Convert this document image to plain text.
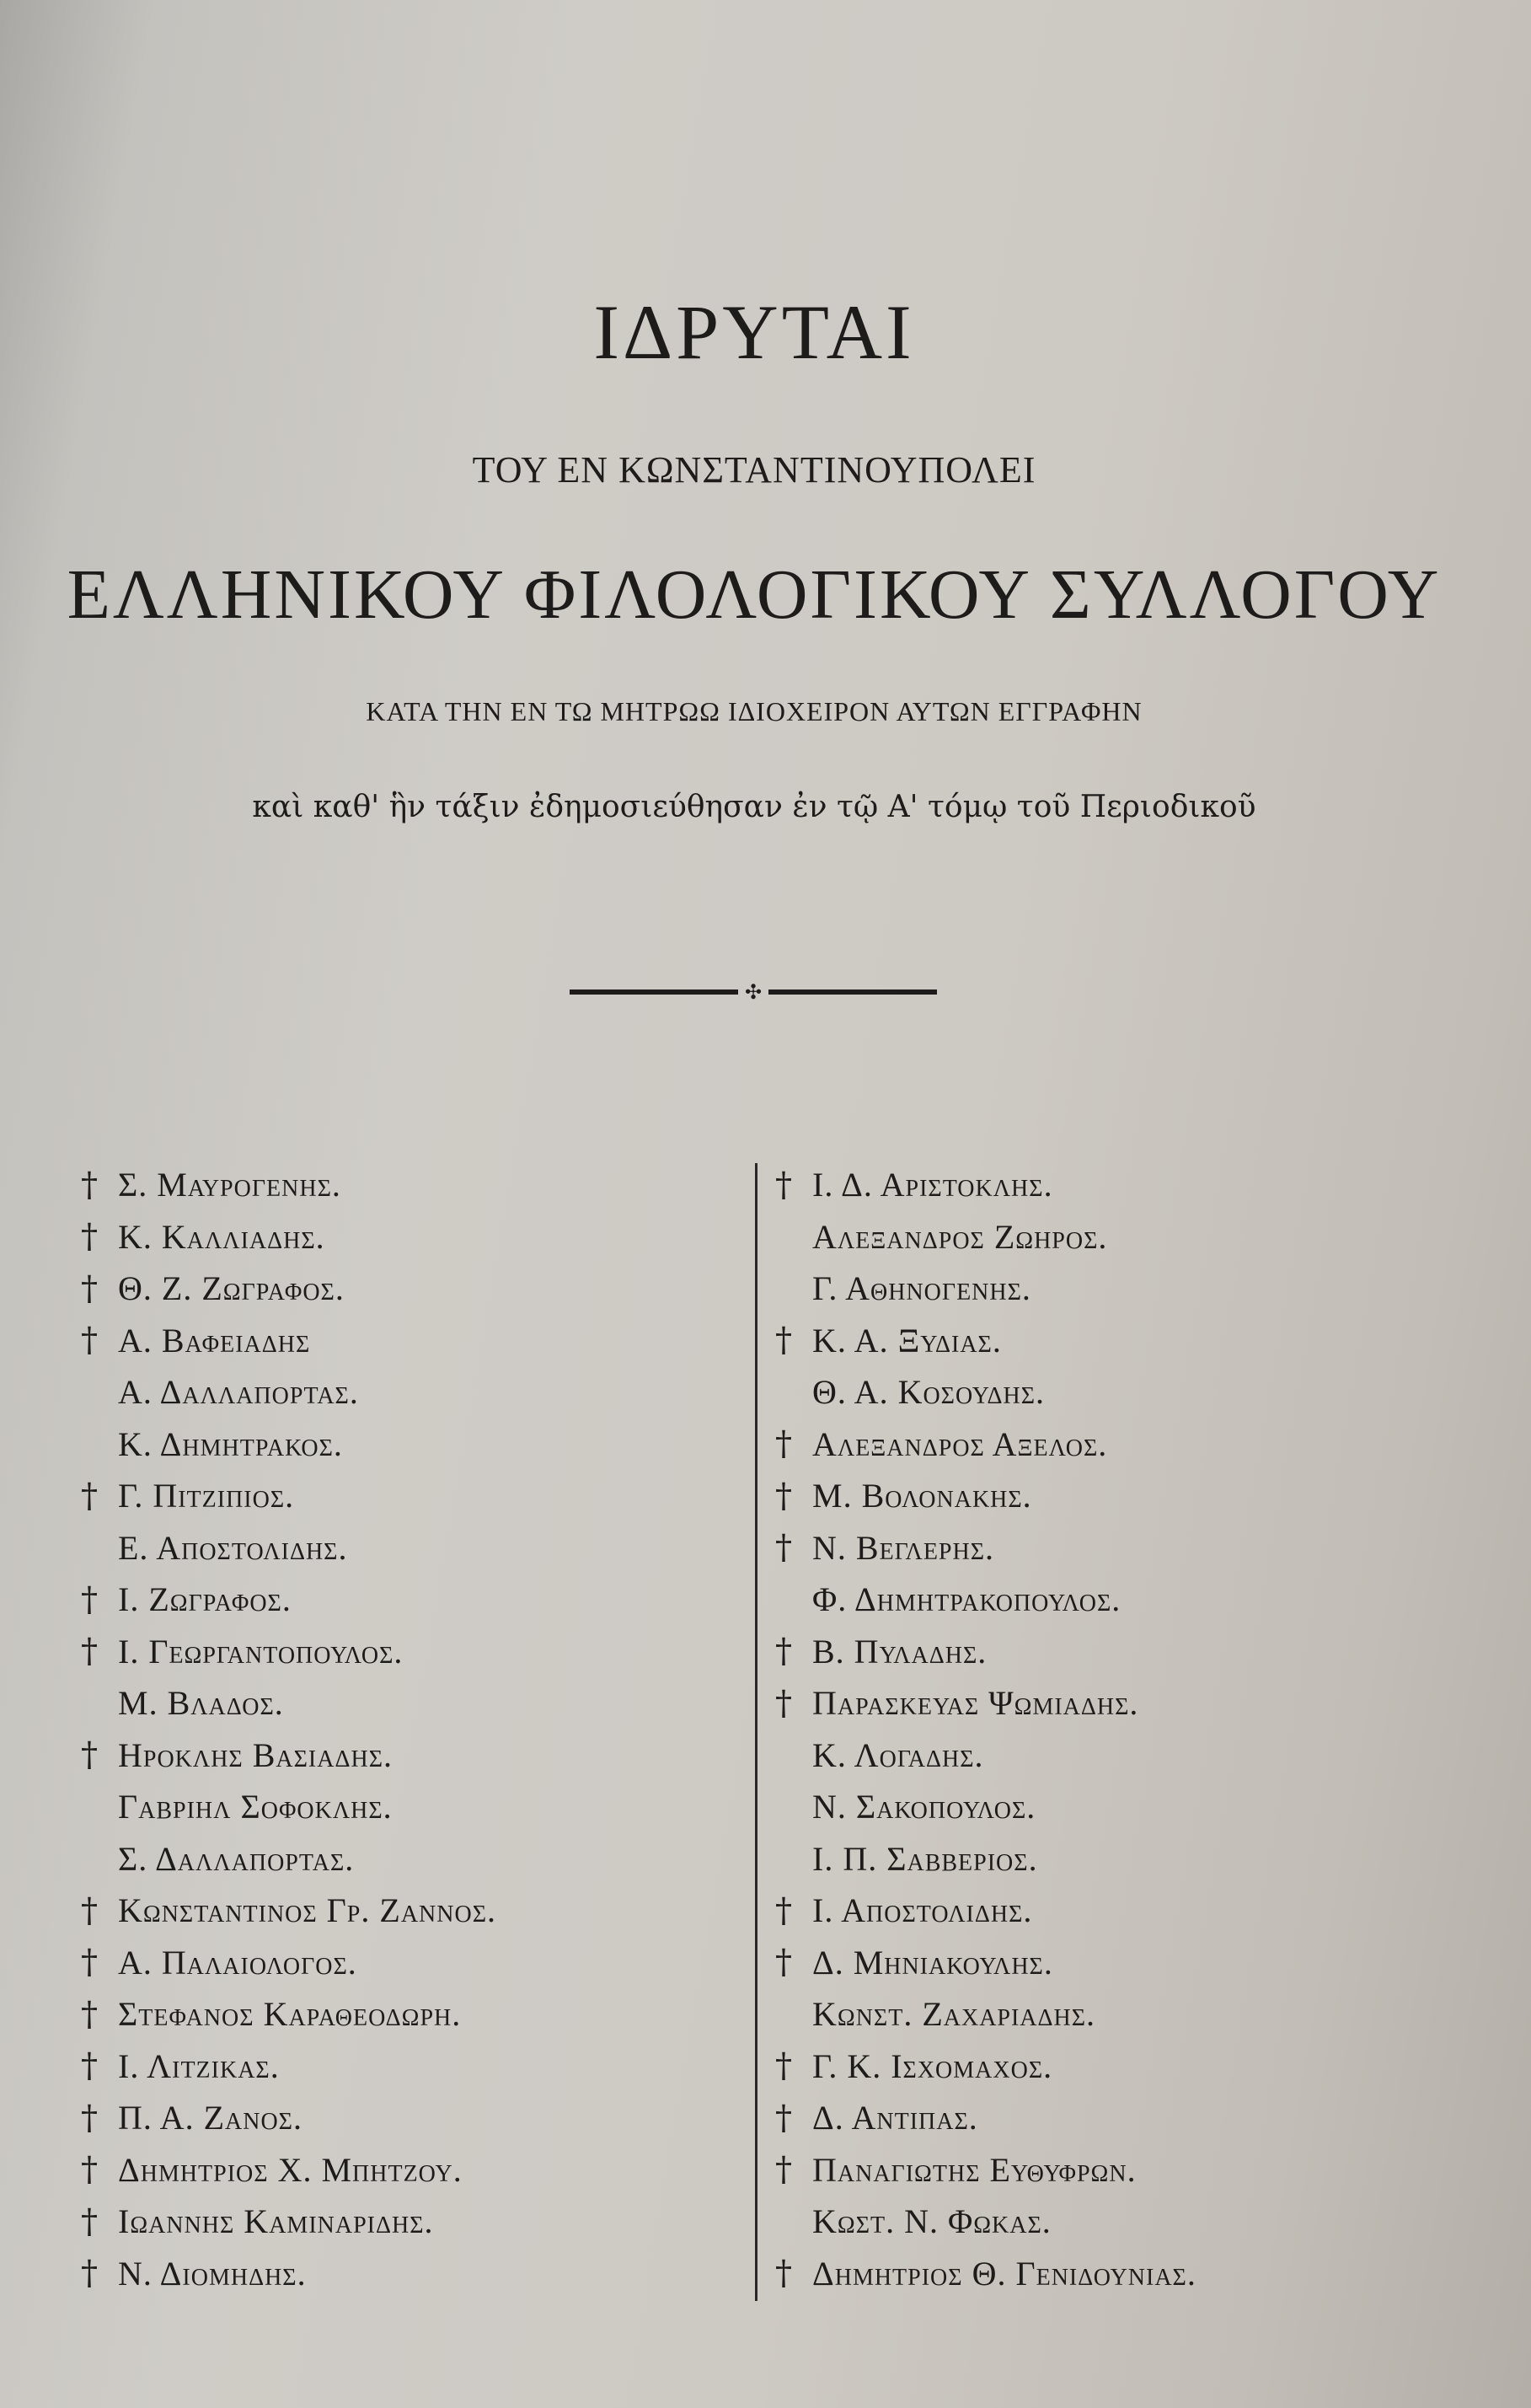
ΙΔΡΥΤΑΙ
ΤΟΥ ΕΝ ΚΩΝΣΤΑΝΤΙΝΟΥΠΟΛΕΙ
ΕΛΛΗΝΙΚΟΥ ΦΙΛΟΛΟΓΙΚΟΥ ΣΥΛΛΟΓΟΥ
ΚΑΤΑ ΤΗΝ ΕΝ ΤΩ ΜΗΤΡΩΩ ΙΔΙΟΧΕΙΡΟΝ ΑΥΤΩΝ ΕΓΓΡΑΦΗΝ
καὶ καθ' ἣν τάξιν ἐδημοσιεύθησαν ἐν τῷ Α' τόμῳ τοῦ Περιοδικοῦ
✣
† Σ. Μαυρογενης.
† Κ. Καλλιαδης.
† Θ. Ζ. Ζωγραφος.
† Α. Βαφειαδης
Α. Δαλλαπορτας.
Κ. Δημητρακος.
† Γ. Πιτζιπιος.
Ε. Αποστολιδης.
† Ι. Ζωγραφος.
† Ι. Γεωργαντοπουλος.
Μ. Βλαδος.
† Ηροκλης Βασιαδης.
Γαβριηλ Σοφοκλης.
Σ. Δαλλαπορτας.
† Κωνσταντινος Γρ. Ζαννος.
† Α. Παλαιολογος.
† Στεφανος Καραθεοδωρη.
† Ι. Λιτζικας.
† Π. Α. Ζανος.
† Δημητριος Χ. Μπητζου.
† Ιωαννης Καμιναριδης.
† Ν. Διομηδης.
† Ι. Δ. Αριστοκλης.
Αλεξανδρος Ζωηρος.
Γ. Αθηνογενης.
† Κ. Α. Ξυδιας.
Θ. Α. Κοσουδης.
† Αλεξανδρος Αξελος.
† Μ. Βολονακης.
† Ν. Βεγλερης.
Φ. Δημητρακοπουλος.
† Β. Πυλαδης.
† Παρασκευας Ψωμιαδης.
Κ. Λογαδης.
Ν. Σακοπουλος.
Ι. Π. Σαββεριος.
† Ι. Αποστολιδης.
† Δ. Μηνιακουλης.
Κωνστ. Ζαχαριαδης.
† Γ. Κ. Ισχομαχος.
† Δ. Αντιπας.
† Παναγιωτης Ευθυφρων.
Κωστ. Ν. Φωκας.
† Δημητριος Θ. Γενιδουνιας.
